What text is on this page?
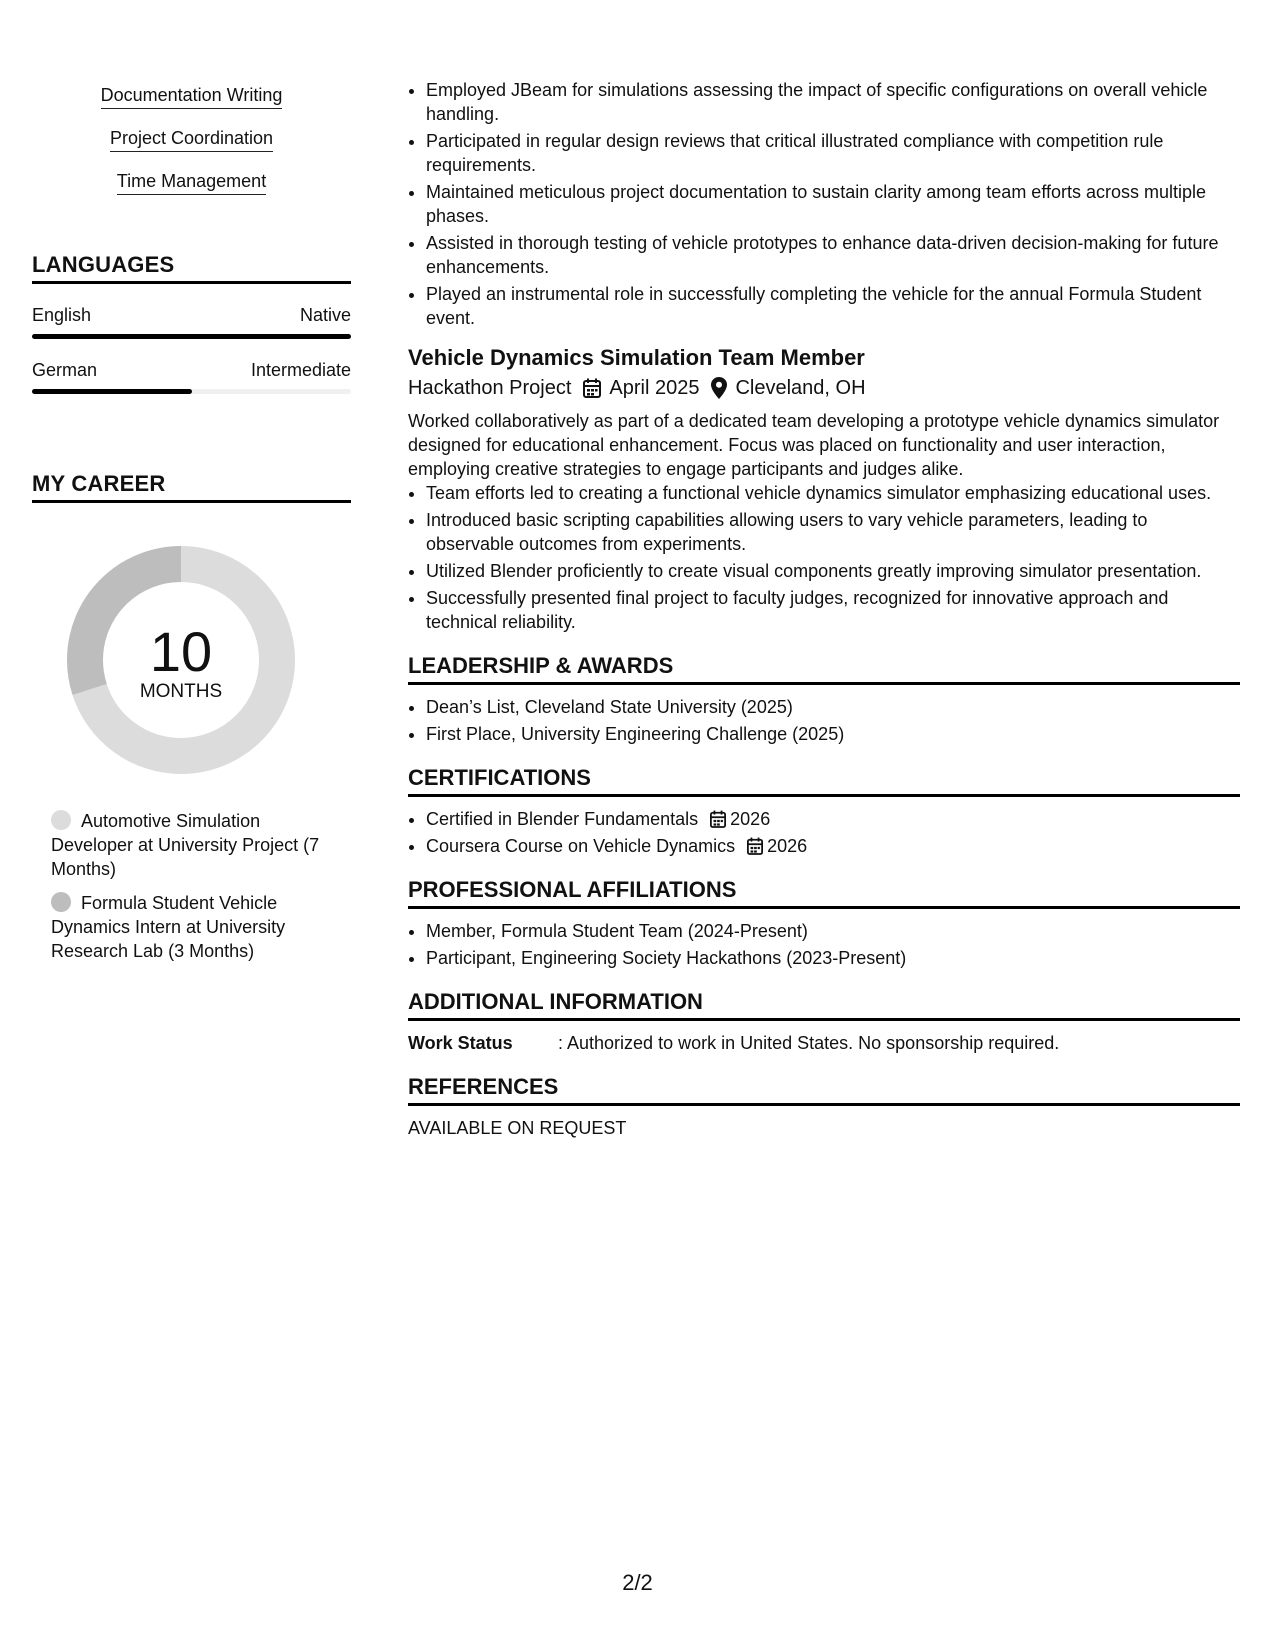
Documentation Writing
Project Coordination
Time Management
LANGUAGES
English	Native
German	Intermediate
MY CAREER
10
MONTHS
Automotive Simulation Developer at University Project (7 Months)
Formula Student Vehicle Dynamics Intern at University Research Lab (3 Months)
• Employed JBeam for simulations assessing the impact of specific configurations on overall vehicle handling.
• Participated in regular design reviews that critical illustrated compliance with competition rule requirements.
• Maintained meticulous project documentation to sustain clarity among team efforts across multiple phases.
• Assisted in thorough testing of vehicle prototypes to enhance data-driven decision-making for future enhancements.
• Played an instrumental role in successfully completing the vehicle for the annual Formula Student event.
Vehicle Dynamics Simulation Team Member
Hackathon Project April 2025 Cleveland, OH
Worked collaboratively as part of a dedicated team developing a prototype vehicle dynamics simulator designed for educational enhancement. Focus was placed on functionality and user interaction, employing creative strategies to engage participants and judges alike.
• Team efforts led to creating a functional vehicle dynamics simulator emphasizing educational uses.
• Introduced basic scripting capabilities allowing users to vary vehicle parameters, leading to observable outcomes from experiments.
• Utilized Blender proficiently to create visual components greatly improving simulator presentation.
• Successfully presented final project to faculty judges, recognized for innovative approach and technical reliability.
LEADERSHIP & AWARDS
• Dean’s List, Cleveland State University (2025)
• First Place, University Engineering Challenge (2025)
CERTIFICATIONS
• Certified in Blender Fundamentals 2026
• Coursera Course on Vehicle Dynamics 2026
PROFESSIONAL AFFILIATIONS
• Member, Formula Student Team (2024-Present)
• Participant, Engineering Society Hackathons (2023-Present)
ADDITIONAL INFORMATION
Work Status	: Authorized to work in United States. No sponsorship required.
REFERENCES
AVAILABLE ON REQUEST
2/2
